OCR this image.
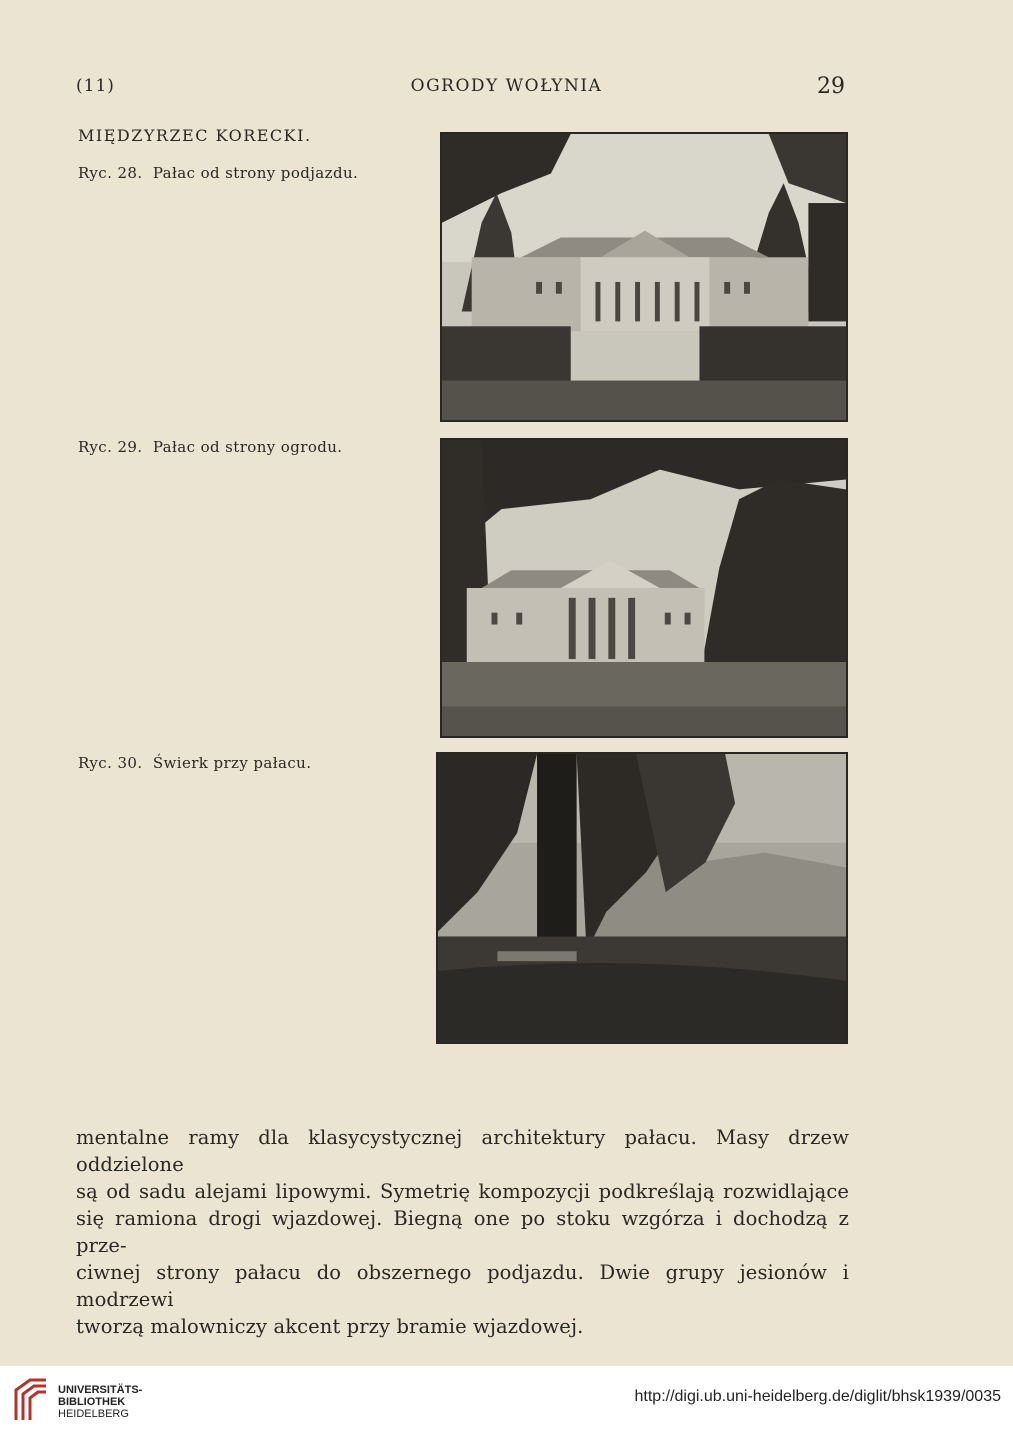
(11)	OGRODY WOŁYNIA	29
MIĘDZYRZEC KORECKI.
Ryc. 28. Pałac od strony podjazdu.
Ryc. 29. Pałac od strony ogrodu.
Ryc. 30. Świerk przy pałacu.
mentalne ramy dla klasycystycznej architektury pałacu. Masy drzew oddzielone
są od sadu alejami lipowymi. Symetrię kompozycji podkreślają rozwidlające
się ramiona drogi wjazdowej. Biegną one po stoku wzgórza i dochodzą z prze-
ciwnej strony pałacu do obszernego podjazdu. Dwie grupy jesionów i modrzewi
tworzą malowniczy akcent przy bramie wjazdowej.
UNIVERSITÄTS-
BIBLIOTHEK
HEIDELBERG
http://digi.ub.uni-heidelberg.de/diglit/bhsk1939/0035
